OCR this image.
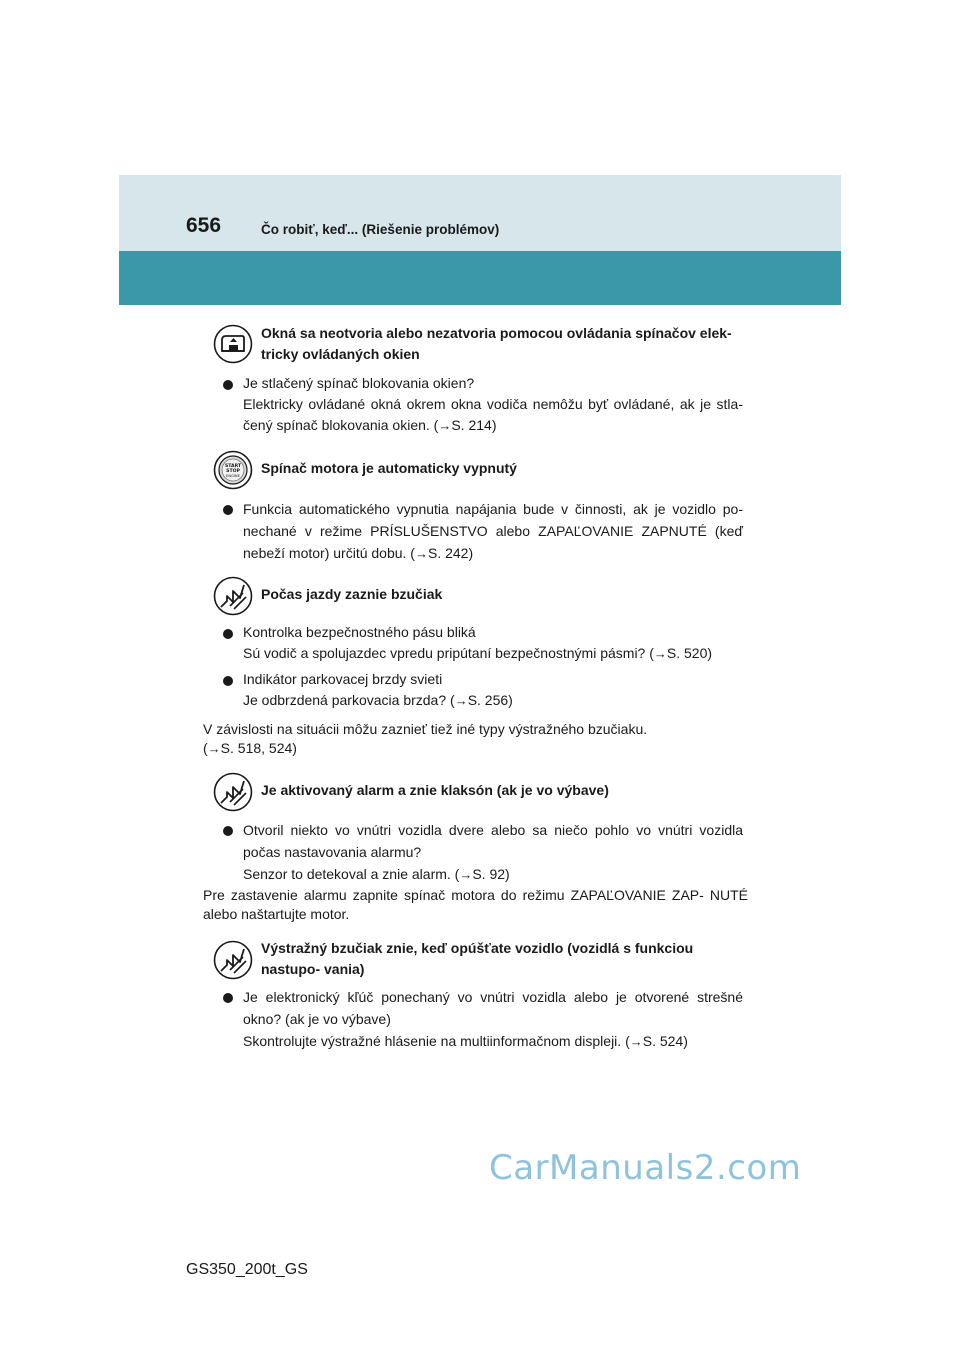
656	Čo robiť, keď... (Riešenie problémov)
Okná sa neotvoria alebo nezatvoria pomocou ovládania spínačov elek- tricky ovládaných okien

Je stlačený spínač blokovania okien?

Elektricky ovládané okná okrem okna vodiča nemôžu byť ovládané, ak je stla- čený spínač blokovania okien. (→S. 214)

START
STOP
ENGINE Spínač motora je automaticky vypnutý

Funkcia automatického vypnutia napájania bude v činnosti, ak je vozidlo po- nechané v režime PRÍSLUŠENSTVO alebo ZAPAĽOVANIE ZAPNUTÉ (keď nebeží motor) určitú dobu. (→S. 242)

Počas jazdy zaznie bzučiak

Kontrolka bezpečnostného pásu bliká

Sú vodič a spolujazdec vpredu pripútaní bezpečnostnými pásmi? (→S. 520)

Indikátor parkovacej brzdy svieti

Je odbrzdená parkovacia brzda? (→S. 256)

V závislosti na situácii môžu zaznieť tiež iné typy výstražného bzučiaku.

(→S. 518, 524)

Je aktivovaný alarm a znie klaksón (ak je vo výbave)

Otvoril niekto vo vnútri vozidla dvere alebo sa niečo pohlo vo vnútri vozidla počas nastavovania alarmu?

Senzor to detekoval a znie alarm. (→S. 92)

Pre zastavenie alarmu zapnite spínač motora do režimu ZAPAĽOVANIE ZAP- NUTÉ alebo naštartujte motor.

Výstražný bzučiak znie, keď opúšťate vozidlo (vozidlá s funkciou nastupo- vania)

Je elektronický kľúč ponechaný vo vnútri vozidla alebo je otvorené strešné okno? (ak je vo výbave)

Skontrolujte výstražné hlásenie na multiinformačnom displeji. (→S. 524)

CarManuals2.com
GS350_200t_GS
